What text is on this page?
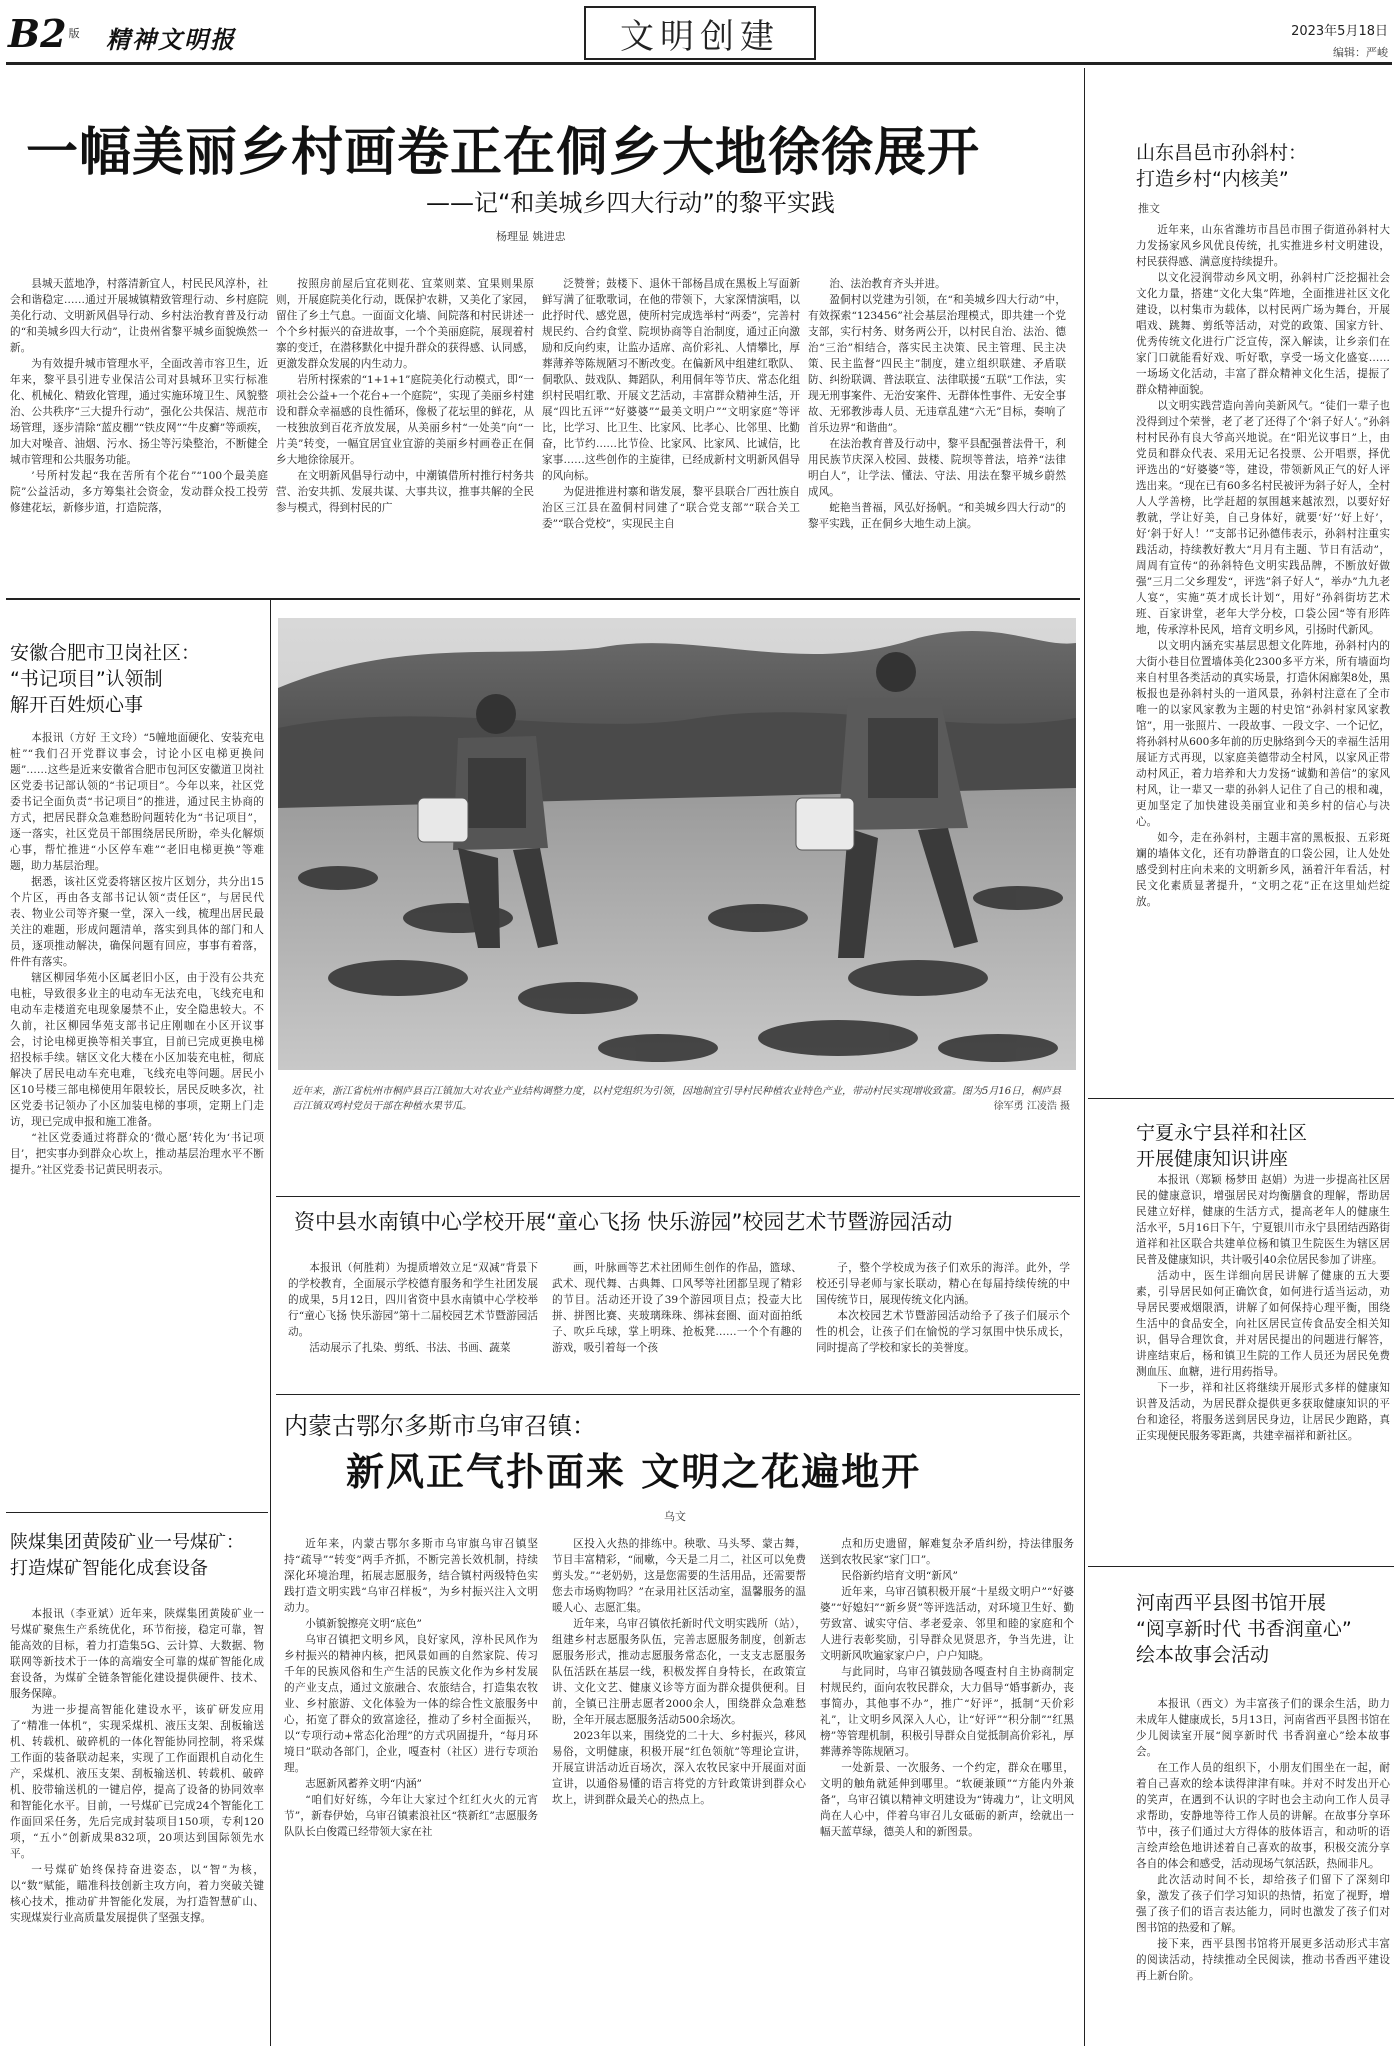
B2 版 精神文明报	文明创建	2023年5月18日
编辑：严峻
一幅美丽乡村画卷正在侗乡大地徐徐展开
——记“和美城乡四大行动”的黎平实践
杨理显 姚进忠

县城天蓝地净，村落清新宜人，村民民风淳朴，社会和谐稳定……通过开展城镇精致管理行动、乡村庭院美化行动、文明新风倡导行动、乡村法治教育普及行动的“和美城乡四大行动”，让贵州省黎平城乡面貌焕然一新。

为有效提升城市管理水平，全面改善市容卫生，近年来，黎平县引进专业保洁公司对县城环卫实行标准化、机械化、精致化管理，通过实施环境卫生、风貌整治、公共秩序“三大提升行动”，强化公共保洁、规范市场管理，逐步清除“蓝皮棚”“铁皮网”“牛皮癣”等顽疾，加大对噪音、油烟、污水、扬尘等污染整治，不断健全城市管理和公共服务功能。

’号所村发起“我在苦所有个花台”“100个最美庭院”公益活动，多方筹集社会资金，发动群众投工投劳修建花坛，新修步道，打造院落，

按照房前屋后宜花则花、宜菜则菜、宜果则果原则，开展庭院美化行动，既保护农耕，又美化了家园，留住了乡土气息。一面面文化墙、间院落和村民讲述一个个乡村振兴的奋进故事，一个个美丽庭院，展现着村寨的变迁，在潜移默化中提升群众的获得感、认同感，更激发群众发展的内生动力。

岩所村探索的“1+1+1”庭院美化行动模式，即“一项社会公益+一个花台+一个庭院”，实现了美丽乡村建设和群众幸福感的良性循环，像极了花坛里的鲜花，从一枝独放到百花齐放发展，从美丽乡村“一处美”向“一片美”转变，一幅宜居宜业宜游的美丽乡村画卷正在侗乡大地徐徐展开。

在文明新风倡导行动中，中潮镇借所村推行村务共营、治安共抓、发展共谋、大事共议，推事共解的全民参与模式，得到村民的广

泛赞誉；鼓楼下、退休干部杨昌成在黑板上写面新鲜写满了征歌歌词，在他的带领下，大家深情演唱，以此抒时代、感党恩，使所村完成选举村“两委”，完善村规民约、合约食堂、院坝协商等自治制度，通过正向激励和反向约束，让监办适席、高价彩礼、人情攀比，厚葬薄养等陈规陋习不断改变。在偏新风中组建红歌队、侗歌队、鼓戏队、舞蹈队，利用侗年等节庆、常态化组织村民唱红歌、开展文艺活动，丰富群众精神生活，开展“四比五评”“好婆婆”“最美文明户”“文明家庭”等评比，比学习、比卫生、比家风、比孝心、比邻里、比勤奋，比节约……比节俭、比家风、比家风、比诚信，比家事……这些创作的主旋律，已经成新村文明新风倡导的风向标。

为促进推进村寨和谐发展，黎平县联合厂西壮族自治区三江县在盈侗村同建了“联合党支部”“联合关工委”“联合党校”，实现民主自

治、法治教育齐头并进。

盈侗村以党建为引领，在“和美城乡四大行动”中，有效探索“123456”社会基层治理模式，即共建一个党支部，实行村务、财务两公开，以村民自治、法治、德治“三治”相结合，落实民主决策、民主管理、民主决策、民主监督“四民主”制度，建立组织联建、矛盾联防、纠纷联调、普法联宣、法律联援“五联”工作法，实现无刑事案件、无治安案件、无群体性事件、无安全事故、无邪教涉毒人员、无违章乱建“六无”目标，奏响了首乐边界“和谐曲”。

在法治教育普及行动中，黎平县配强普法骨干，利用民族节庆深入校园、鼓楼、院坝等普法，培养“法律明白人”，让学法、懂法、守法、用法在黎平城乡蔚然成风。

蛇艳当普福，风弘好扬帆。“和美城乡四大行动”的黎平实践，正在侗乡大地生动上演。

山东昌邑市孙斜村：
打造乡村“内核美”
推文

近年来，山东省潍坊市昌邑市围子街道孙斜村大力发扬家风乡风优良传统，扎实推进乡村文明建设，村民获得感、满意度持续提升。

以文化浸润带动乡风文明，孙斜村广泛挖掘社会文化力量，搭建“文化大集”阵地，全面推进社区文化建设，以村集市为载体，以村民两广场为舞台，开展唱戏、跳舞、剪纸等活动，对党的政策、国家方针、优秀传统文化进行广泛宣传，深入解读，让乡亲们在家门口就能看好戏、听好歌，享受一场文化盛宴……一场场文化活动，丰富了群众精神文化生活，提振了群众精神面貌。

以文明实践营造向善向美新风气。“徒们一辈子也没得到过个荣誉，老了老了还得了个‘斜子好人’。”孙斜村村民孙有良大爷高兴地说。在“阳光议事日”上，由党员和群众代表、采用无记名投票、公开唱票，择优评选出的“好婆婆”等，建设，带领新风正气的好人评选出来。“现在已有60多名村民被评为斜子好人，全村人人学善榜，比学赶超的氛围越来越浓烈，以要好好教就，学让好美，自己身体好，就要‘好’‘好上好’，好‘斜于好人！’”支部书记孙德伟表示，孙斜村注重实践活动，持续教好教大“月月有主题、节日有活动”，周周有宣传“的孙斜特色文明实践品牌，不断放好做强”三月二父乡理发“，评选”斜子好人“，举办”九九老人宴“，实施”英才成长计划“，用好”孙斜街坊艺术班、百家讲堂，老年大学分校，口袋公园“等有形阵地，传承淳朴民风，培育文明乡风，引扬时代新风。

以文明内涵充实基层思想文化阵地，孙斜村内的大街小巷目位置墙体美化2300多平方米，所有墙面均来自村里各类活动的真实场景，打造休闲廊架8处，黑板报也是孙斜村头的一道风景，孙斜村注意在了全市唯一的以家风家教为主题的村史馆“孙斜村家风家教馆”，用一张照片、一段故事、一段文字、一个记忆，将孙斜村从600多年前的历史脉络到今天的幸福生活用展证方式再现，以家庭美德带动全村风，以家风正带动村风正，着力培养和大力发扬“诚勤和善信”的家风村风，让一辈又一辈的孙斜人记住了自己的根和魂，更加坚定了加快建设美丽宜业和美乡村的信心与决心。

如今，走在孙斜村，主题丰富的黑板报、五彩斑斓的墙体文化，还有功静谐直的口袋公园，让人处处感受到村庄向未来的文明新乡风，涵着汗年看活，村民文化素质显著提升，“文明之花”正在这里灿烂绽放。

宁夏永宁县祥和社区
开展健康知识讲座

本报讯（郑颖 杨梦田 赵娟）为进一步提高社区居民的健康意识，增强居民对均衡膳食的理解，帮助居民建立好样，健康的生活方式，提高老年人的健康生活水平，5月16日下午，宁夏银川市永宁县团结西路街道祥和社区联合共建单位杨和镇卫生院医生为辖区居民普及健康知识，共计吸引40余位居民参加了讲座。

活动中，医生详细向居民讲解了健康的五大要素，引导居民如何正确饮食，如何进行适当运动，劝导居民要戒烟限酒，讲解了如何保持心理平衡，围绕生活中的食品安全，向社区居民宣传食品安全相关知识，倡导合理饮食，并对居民提出的问题进行解答，讲座结束后，杨和镇卫生院的工作人员还为居民免费测血压、血糖，进行用药指导。

下一步，祥和社区将继续开展形式多样的健康知识普及活动，为居民群众提供更多获取健康知识的平台和途径，将服务送到居民身边，让居民少跑路，真正实现便民服务零距离，共建幸福祥和新社区。

河南西平县图书馆开展
“阅享新时代 书香润童心”
绘本故事会活动

本报讯（西文）为丰富孩子们的课余生活，助力未成年人健康成长，5月13日，河南省西平县图书馆在少儿阅读室开展“阅享新时代 书香润童心”绘本故事会。

在工作人员的组织下，小朋友们围坐在一起，耐着自己喜欢的绘本读得津津有味。并对不时发出开心的笑声，在遇到不认识的字时也会主动向工作人员寻求帮助，安静地等待工作人员的讲解。在故事分享环节中，孩子们通过大方得体的肢体语言，和动听的语言绘声绘色地讲述着自己喜欢的故事，积极交流分享各自的体会和感受，活动现场气氛活跃，热闹非凡。

此次活动时间不长，却给孩子们留下了深刻印象，激发了孩子们学习知识的热情，拓宽了视野，增强了孩子们的语言表达能力，同时也激发了孩子们对图书馆的热爱和了解。

接下来，西平县图书馆将开展更多活动形式丰富的阅读活动，持续推动全民阅读，推动书香西平建设再上新台阶。

安徽合肥市卫岗社区：
“书记项目”认领制
解开百姓烦心事

本报讯（方好 王文玲）“5幢地面硬化、安装充电桩”“我们召开党群议事会，讨论小区电梯更换问题”……这些是近来安徽省合肥市包河区安徽道卫岗社区党委书记部认领的“书记项目”。今年以来，社区党委书记全面负责“书记项目”的推进，通过民主协商的方式，把居民群众急难愁盼问题转化为“书记项目”，逐一落实，社区党员干部围绕居民所盼，牵头化解烦心事，帮忙推进“小区停车难”“老旧电梯更换”等难题，助力基层治理。

据悉，该社区党委将辖区按片区划分，共分出15个片区，再由各支部书记认领“责任区”，与居民代表、物业公司等齐聚一堂，深入一线，梳理出居民最关注的难题，形成问题清单，落实到具体的部门和人员，逐项推动解决，确保问题有回应，事事有着落，件件有落实。

辖区柳园华苑小区属老旧小区，由于没有公共充电桩，导致很多业主的电动车无法充电，飞线充电和电动车走楼道充电现象屡禁不止，安全隐患较大。不久前，社区柳园华苑支部书记庄刚咖在小区开议事会，讨论电梯更换等相关事宜，目前已完成更换电梯招投标手续。辖区文化大楼在小区加装充电桩，彻底解决了居民电动车充电难，飞线充电等问题。居民小区10号楼三部电梯使用年限较长，居民反映多次，社区党委书记领办了小区加装电梯的事项，定期上门走访，现已完成申报和施工准备。

“社区党委通过将群众的‘微心愿’转化为‘书记项目’，把实事办到群众心坎上，推动基层治理水平不断提升。”社区党委书记黄民明表示。

陕煤集团黄陵矿业一号煤矿：
打造煤矿智能化成套设备

本报讯（李亚斌）近年来，陕煤集团黄陵矿业一号煤矿聚焦生产系统优化，环节衔接，稳定可靠，智能高效的目标，着力打造集5G、云计算、大数据、物联网等新技术于一体的高端安全可靠的煤矿智能化成套设备，为煤矿全链条智能化建设提供硬件、技术、服务保障。

为进一步提高智能化建设水平，该矿研发应用了“精准一体机”，实现采煤机、液压支架、刮板输送机、转载机、破碎机的一体化智能协同控制，将采煤工作面的装备联动起来，实现了工作面跟机自动化生产，采煤机、液压支架、刮板输送机、转载机、破碎机、胶带输送机的一键启停，提高了设备的协同效率和智能化水平。目前，一号煤矿已完成24个智能化工作面回采任务，先后完成封装项目150项，专利120项，“五小”创新成果832项，20项达到国际领先水平。

一号煤矿始终保持奋进姿态，以“智”为核，以“数”赋能，瞄准科技创新主攻方向，着力突破关键核心技术，推动矿井智能化发展，为打造智慧矿山、实现煤炭行业高质量发展提供了坚强支撑。

近年来，浙江省杭州市桐庐县百江镇加大对农业产业结构调整力度，以村党组织为引领，因地制宜引导村民种植农业特色产业，带动村民实现增收致富。图为5月16日，桐庐县百江镇双鸡村党员干部在种植水果节瓜。	徐军勇 江凌浩 摄
资中县水南镇中心学校开展“童心飞扬 快乐游园”校园艺术节暨游园活动

本报讯（何胜莉）为提质增效立足“双减”背景下的学校教育，全面展示学校德育服务和学生社团发展的成果，5月12日，四川省资中县水南镇中心学校举行“童心飞扬 快乐游园”第十二届校园艺术节暨游园活动。

活动展示了扎染、剪纸、书法、书画、蔬菜

画，叶脉画等艺术社团师生创作的作品，篮球、武术、现代舞、古典舞、口风琴等社团都呈现了精彩的节目。活动还开设了39个游园项目点；投壶大比拼、拼图比赛、夹玻璃珠珠、绑袜套圈、面对面拍纸子、吹乒乓球，掌上明珠、抢板凳……一个个有趣的游戏，吸引着每一个孩

子，整个学校成为孩子们欢乐的海洋。此外，学校还引导老师与家长联动，精心在每届持续传统的中国传统节日，展现传统文化内涵。

本次校园艺术节暨游园活动给予了孩子们展示个性的机会，让孩子们在愉悦的学习氛围中快乐成长，同时提高了学校和家长的美誉度。

内蒙古鄂尔多斯市乌审召镇：
新风正气扑面来 文明之花遍地开
乌文

近年来，内蒙古鄂尔多斯市乌审旗乌审召镇坚持“疏导”“转变”两手齐抓，不断完善长效机制，持续深化环境治理，拓展志愿服务，结合镇村两级特色实践打造文明实践“乌审召样板”，为乡村振兴注入文明动力。

小镇新貌擦亮文明“底色”

乌审召镇把文明乡风，良好家风，淳朴民风作为乡村振兴的精神内核，把风景如画的自然家院、传习千年的民族风俗和生产生活的民族文化作为乡村发展的产业支点，通过文旅融合、农旅结合，打造集农牧业、乡村旅游、文化体验为一体的综合性文旅服务中心，拓宽了群众的致富途径，推动了乡村全面振兴，以“专项行动+常态化治理”的方式巩固提升，“每月环境日”联动各部门，企业，嘎查村（社区）进行专项治理。

志愿新风蓄养文明“内涵”

“咱们好好练，今年让大家过个红红火火的元宵节”，新春伊始，乌审召镇素浪社区“筷新红”志愿服务队队长白俊霞已经带领大家在社

区投入火热的排练中。秧歌、马头琴、蒙古舞，节目丰富精彩，“闹嗽，今天是二月二，社区可以免费剪头发。”“老奶奶，这是您需要的生活用品，还需要帮您去市场购物吗？”在录用社区活动室，温馨服务的温暖人心、志愿汇集。

近年来，乌审召镇依托新时代文明实践所（站），组建乡村志愿服务队伍，完善志愿服务制度，创新志愿服务形式，推动志愿服务常态化，一支支志愿服务队伍活跃在基层一线，积极发挥自身特长，在政策宣讲、文化文艺、健康义诊等方面为群众提供便利。目前，全镇已注册志愿者2000余人，围绕群众急难愁盼，全年开展志愿服务活动500余场次。

2023年以来，围绕党的二十大、乡村振兴，移风易俗，文明健康，积极开展“红色领航”等理论宣讲，开展宣讲活动近百场次，深入农牧民家中开展面对面宣讲，以通俗易懂的语言将党的方针政策讲到群众心坎上，讲到群众最关心的热点上。

点和历史遗留，解难复杂矛盾纠纷，持法律服务送到农牧民家“家门口”。

民俗新约培育文明“新风”

近年来，乌审召镇积极开展“十星级文明户”“好婆婆”“好媳妇”“新乡贤”等评选活动，对环境卫生好、勤劳致富、诚实守信、孝老爱亲、邻里和睦的家庭和个人进行表彰奖励，引导群众见贤思齐，争当先进，让文明新风吹遍家家户户，户户知晓。

与此同时，乌审召镇鼓励各嘎查村自主协商制定村规民约，面向农牧民群众，大力倡导“婚事新办，丧事简办，其他事不办”，推广“好评”，抵制“天价彩礼”，让文明乡风深入人心，让“好评”“积分制”“红黑榜”等管理机制，积极引导群众自觉抵制高价彩礼，厚葬薄养等陈规陋习。

一处新景、一次服务、一个约定，群众在哪里，文明的触角就延伸到哪里。“软硬兼顾”“方能内外兼备”，乌审召镇以精神文明建设为“铸魂力”，让文明风尚在人心中，伴着乌审召儿女砥砺的新声，绘就出一幅天蓝草绿，德美人和的新图景。
